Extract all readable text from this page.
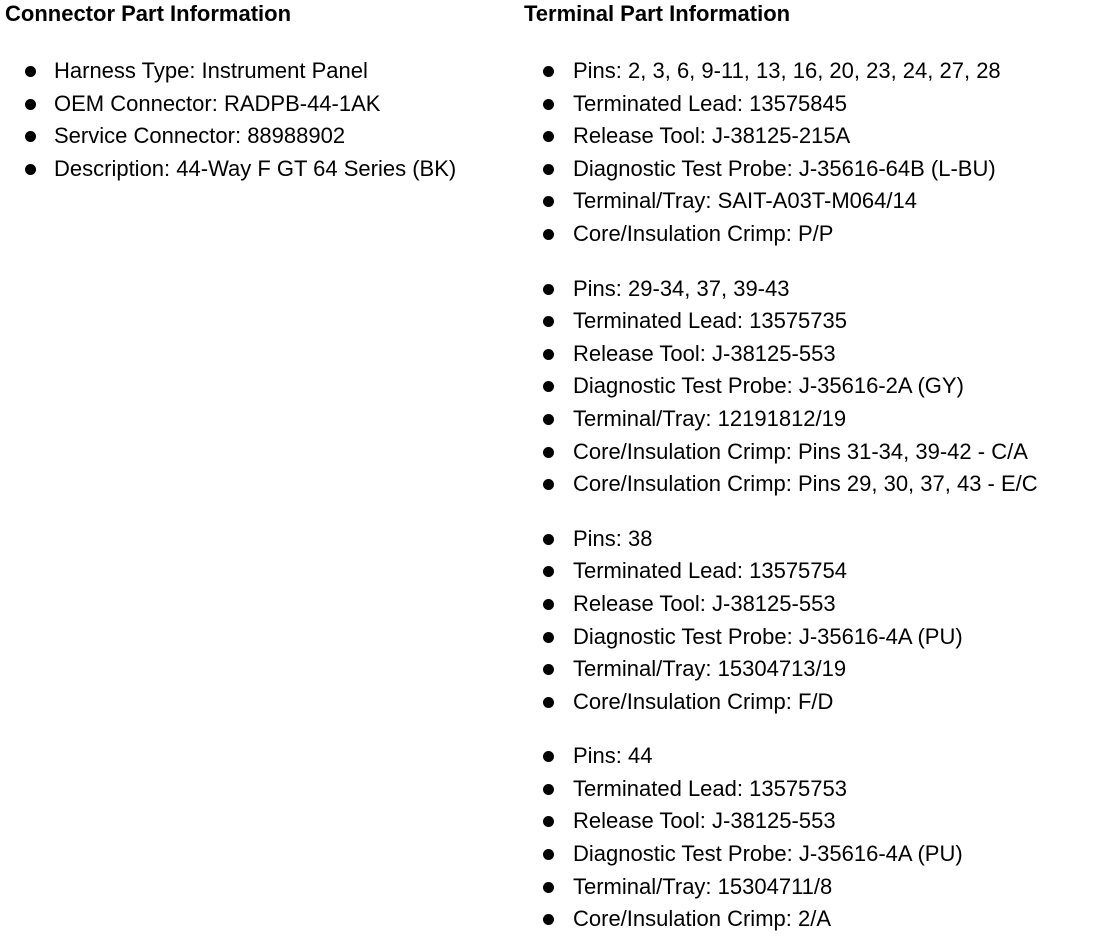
Connector Part Information
Harness Type: Instrument Panel
OEM Connector: RADPB-44-1AK
Service Connector: 88988902
Description: 44-Way F GT 64 Series (BK)
Terminal Part Information
Pins: 2, 3, 6, 9-11, 13, 16, 20, 23, 24, 27, 28
Terminated Lead: 13575845
Release Tool: J-38125-215A
Diagnostic Test Probe: J-35616-64B (L-BU)
Terminal/Tray: SAIT-A03T-M064/14
Core/Insulation Crimp: P/P
Pins: 29-34, 37, 39-43
Terminated Lead: 13575735
Release Tool: J-38125-553
Diagnostic Test Probe: J-35616-2A (GY)
Terminal/Tray: 12191812/19
Core/Insulation Crimp: Pins 31-34, 39-42 - C/A
Core/Insulation Crimp: Pins 29, 30, 37, 43 - E/C
Pins: 38
Terminated Lead: 13575754
Release Tool: J-38125-553
Diagnostic Test Probe: J-35616-4A (PU)
Terminal/Tray: 15304713/19
Core/Insulation Crimp: F/D
Pins: 44
Terminated Lead: 13575753
Release Tool: J-38125-553
Diagnostic Test Probe: J-35616-4A (PU)
Terminal/Tray: 15304711/8
Core/Insulation Crimp: 2/A
